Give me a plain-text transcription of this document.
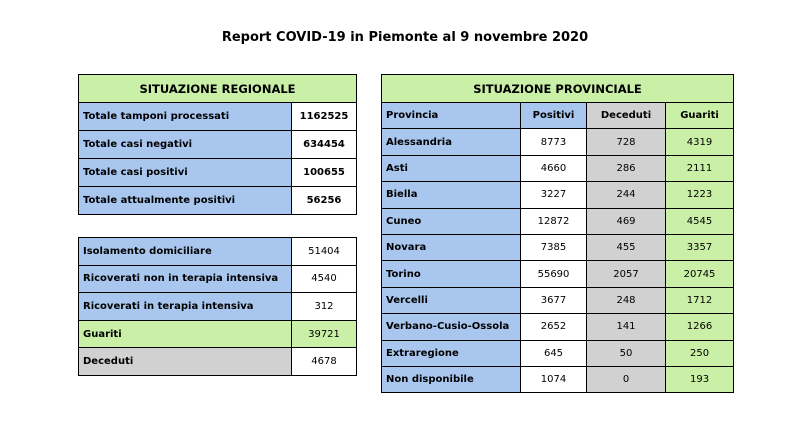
Report COVID-19 in Piemonte al 9 novembre 2020
SITUAZIONE REGIONALE	
Totale tamponi processati	1162525
Totale casi negativi	634454
Totale casi positivi	100655
Totale attualmente positivi	56256
Isolamento domiciliare	51404
Ricoverati non in terapia intensiva	4540
Ricoverati in terapia intensiva	312
Guariti	39721
Deceduti	4678
SITUAZIONE PROVINCIALE			
Provincia	Positivi	Deceduti	Guariti
Alessandria	8773	728	4319
Asti	4660	286	2111
Biella	3227	244	1223
Cuneo	12872	469	4545
Novara	7385	455	3357
Torino	55690	2057	20745
Vercelli	3677	248	1712
Verbano-Cusio-Ossola	2652	141	1266
Extraregione	645	50	250
Non disponibile	1074	0	193
